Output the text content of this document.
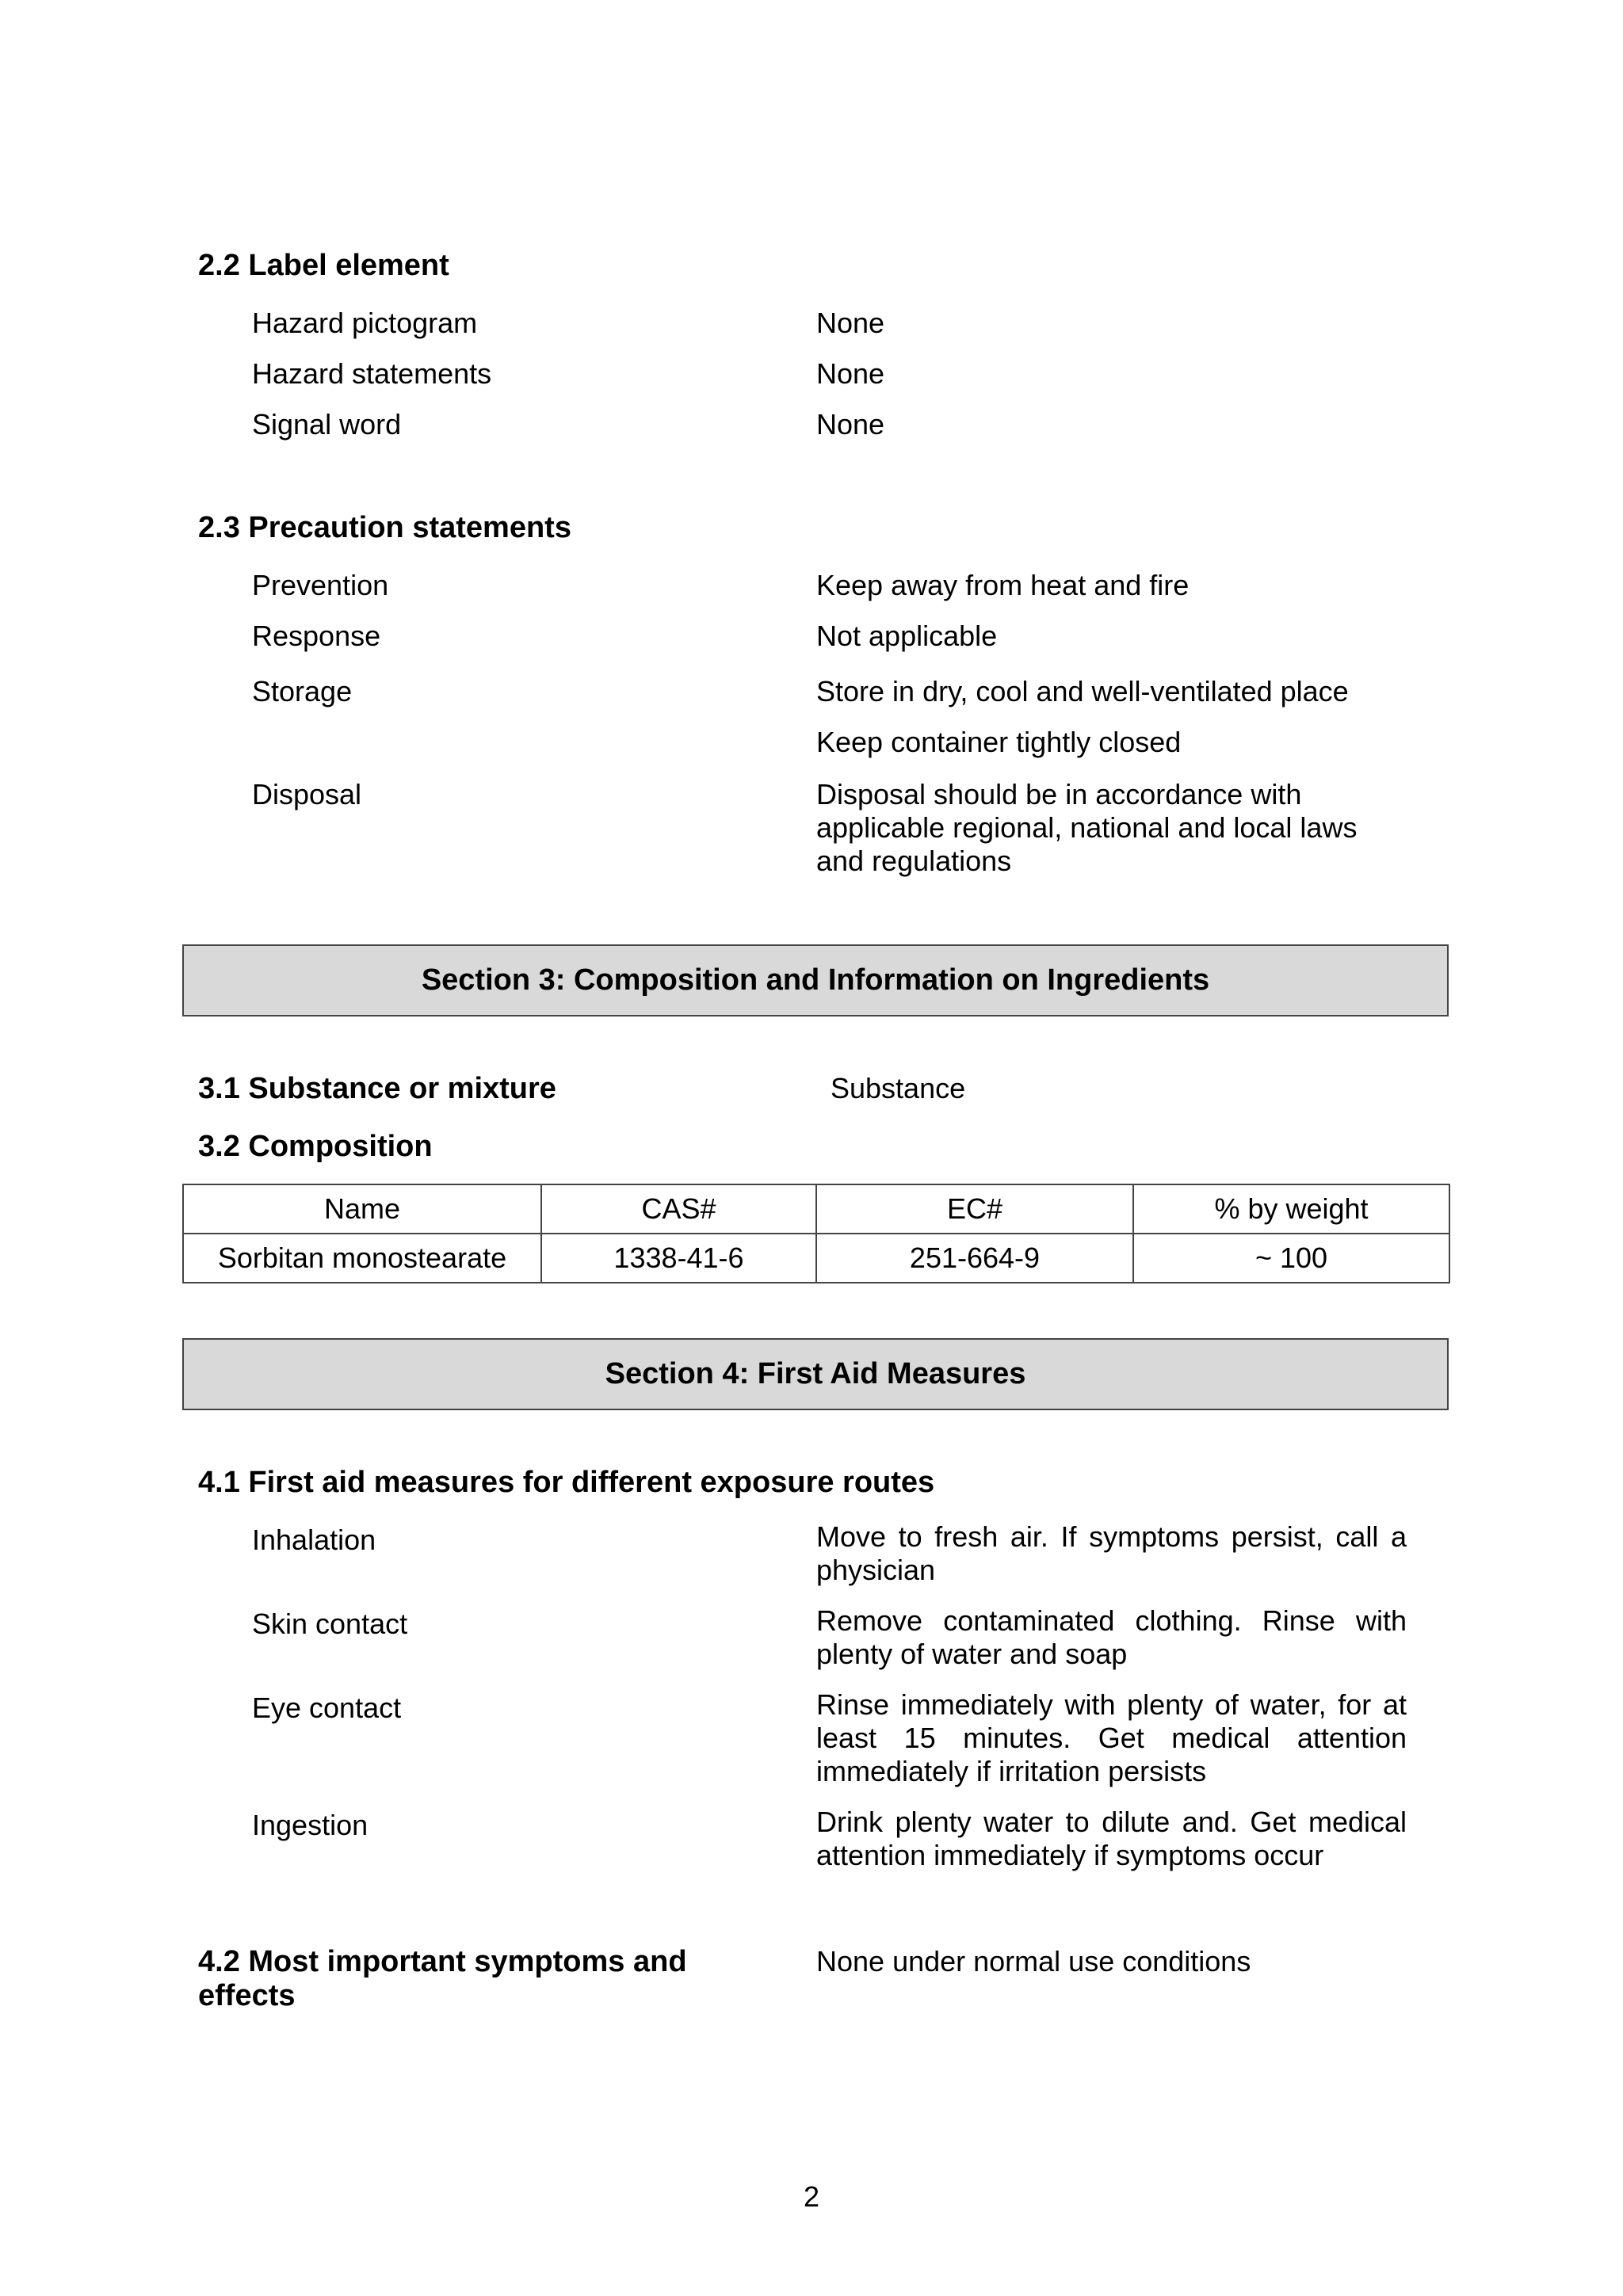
2.2 Label element
Hazard pictogram	None
Hazard statements	None
Signal word	None
2.3 Precaution statements
Prevention	Keep away from heat and fire
Response	Not applicable
Storage	Store in dry, cool and well-ventilated place
Keep container tightly closed
Disposal	Disposal should be in accordance with
applicable regional, national and local laws
and regulations
Section 3: Composition and Information on Ingredients
3.1 Substance or mixture	Substance
3.2 Composition
Name	CAS#	EC#	% by weight
Sorbitan monostearate	1338-41-6	251-664-9	~ 100
Section 4: First Aid Measures
4.1 First aid measures for different exposure routes
Inhalation	Move to fresh air. If symptoms persist, call a physician
Skin contact	Remove contaminated clothing. Rinse with plenty of water and soap
Eye contact	Rinse immediately with plenty of water, for at least 15 minutes. Get medical attention immediately if irritation persists
Ingestion	Drink plenty water to dilute and. Get medical attention immediately if symptoms occur
4.2 Most important symptoms and
effects
None under normal use conditions
2
